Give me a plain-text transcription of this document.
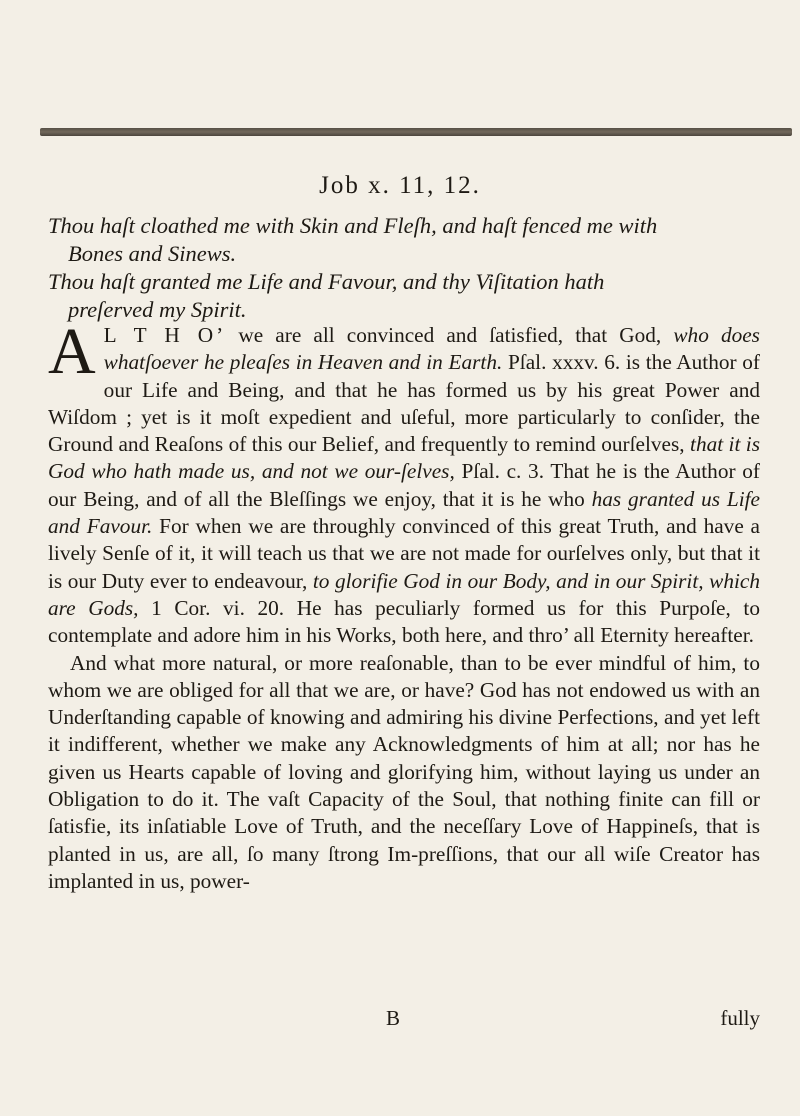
Job x. 11, 12.

Thou haſt cloathed me with Skin and Fleſh, and haſt fenced me with

Bones and Sinews.

Thou haſt granted me Life and Favour, and thy Viſitation hath

preſerved my Spirit.

A L T H O’ we are all convinced and ſatisfied, that God, who does whatſoever he pleaſes in Heaven and in Earth. Pſal. xxxv. 6. is the Author of our Life and Being, and that he has formed us by his great Power and Wiſdom ; yet is it moſt expedient and uſeful, more particularly to conſider, the Ground and Reaſons of this our Belief, and frequently to remind ourſelves, that it is God who hath made us, and not we our-ſelves, Pſal. c. 3. That he is the Author of our Being, and of all the Bleſſings we enjoy, that it is he who has granted us Life and Favour. For when we are throughly convinced of this great Truth, and have a lively Senſe of it, it will teach us that we are not made for ourſelves only, but that it is our Duty ever to endeavour, to glorifie God in our Body, and in our Spirit, which are Gods, 1 Cor. vi. 20. He has peculiarly formed us for this Purpoſe, to contemplate and adore him in his Works, both here, and thro’ all Eternity hereafter.

And what more natural, or more reaſonable, than to be ever mindful of him, to whom we are obliged for all that we are, or have? God has not endowed us with an Underſtanding capable of knowing and admiring his divine Perfections, and yet left it indifferent, whether we make any Acknowledgments of him at all; nor has he given us Hearts capable of loving and glorifying him, without laying us under an Obligation to do it. The vaſt Capacity of the Soul, that nothing finite can fill or ſatisfie, its inſatiable Love of Truth, and the neceſſary Love of Happineſs, that is planted in us, are all, ſo many ſtrong Im-preſſions, that our all wiſe Creator has implanted in us, power-

B	fully
